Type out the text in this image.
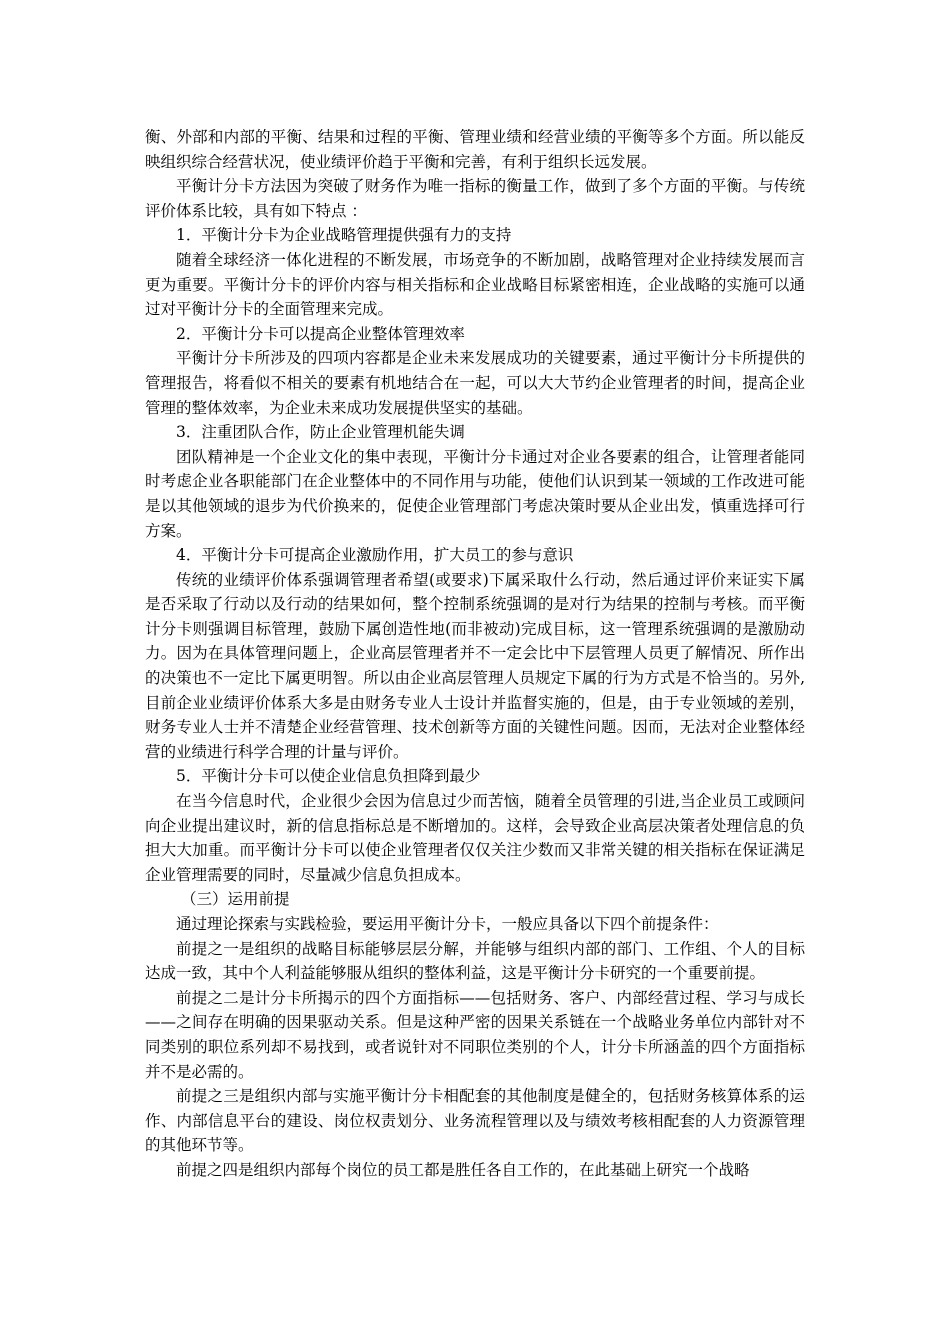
衡、外部和内部的平衡、结果和过程的平衡、管理业绩和经营业绩的平衡等多个方面。所以能反映组织综合经营状况，使业绩评价趋于平衡和完善，有利于组织长远发展。

平衡计分卡方法因为突破了财务作为唯一指标的衡量工作，做到了多个方面的平衡。与传统评价体系比较，具有如下特点 ：

1．平衡计分卡为企业战略管理提供强有力的支持

随着全球经济一体化进程的不断发展，市场竞争的不断加剧，战略管理对企业持续发展而言更为重要。平衡计分卡的评价内容与相关指标和企业战略目标紧密相连，企业战略的实施可以通过对平衡计分卡的全面管理来完成。

2．平衡计分卡可以提高企业整体管理效率

平衡计分卡所涉及的四项内容都是企业未来发展成功的关键要素，通过平衡计分卡所提供的管理报告，将看似不相关的要素有机地结合在一起，可以大大节约企业管理者的时间，提高企业管理的整体效率，为企业未来成功发展提供坚实的基础。

3．注重团队合作，防止企业管理机能失调

团队精神是一个企业文化的集中表现，平衡计分卡通过对企业各要素的组合，让管理者能同时考虑企业各职能部门在企业整体中的不同作用与功能，使他们认识到某一领域的工作改进可能是以其他领域的退步为代价换来的，促使企业管理部门考虑决策时要从企业出发，慎重选择可行方案。

4．平衡计分卡可提高企业激励作用，扩大员工的参与意识

传统的业绩评价体系强调管理者希望(或要求)下属采取什么行动，然后通过评价来证实下属是否采取了行动以及行动的结果如何，整个控制系统强调的是对行为结果的控制与考核。而平衡计分卡则强调目标管理，鼓励下属创造性地(而非被动)完成目标，这一管理系统强调的是激励动力。因为在具体管理问题上，企业高层管理者并不一定会比中下层管理人员更了解情况、所作出的决策也不一定比下属更明智。所以由企业高层管理人员规定下属的行为方式是不恰当的。另外,目前企业业绩评价体系大多是由财务专业人士设计并监督实施的，但是，由于专业领域的差别，财务专业人士并不清楚企业经营管理、技术创新等方面的关键性问题。因而，无法对企业整体经营的业绩进行科学合理的计量与评价。

5．平衡计分卡可以使企业信息负担降到最少

在当今信息时代，企业很少会因为信息过少而苦恼，随着全员管理的引进,当企业员工或顾问向企业提出建议时，新的信息指标总是不断增加的。这样，会导致企业高层决策者处理信息的负担大大加重。而平衡计分卡可以使企业管理者仅仅关注少数而又非常关键的相关指标在保证满足企业管理需要的同时，尽量减少信息负担成本。

（三）运用前提

通过理论探索与实践检验，要运用平衡计分卡，一般应具备以下四个前提条件：

前提之一是组织的战略目标能够层层分解，并能够与组织内部的部门、工作组、个人的目标达成一致，其中个人利益能够服从组织的整体利益，这是平衡计分卡研究的一个重要前提。

前提之二是计分卡所揭示的四个方面指标——包括财务、客户、内部经营过程、学习与成长——之间存在明确的因果驱动关系。但是这种严密的因果关系链在一个战略业务单位内部针对不同类别的职位系列却不易找到，或者说针对不同职位类别的个人，计分卡所涵盖的四个方面指标并不是必需的。

前提之三是组织内部与实施平衡计分卡相配套的其他制度是健全的，包括财务核算体系的运作、内部信息平台的建设、岗位权责划分、业务流程管理以及与绩效考核相配套的人力资源管理的其他环节等。

前提之四是组织内部每个岗位的员工都是胜任各自工作的，在此基础上研究一个战略
